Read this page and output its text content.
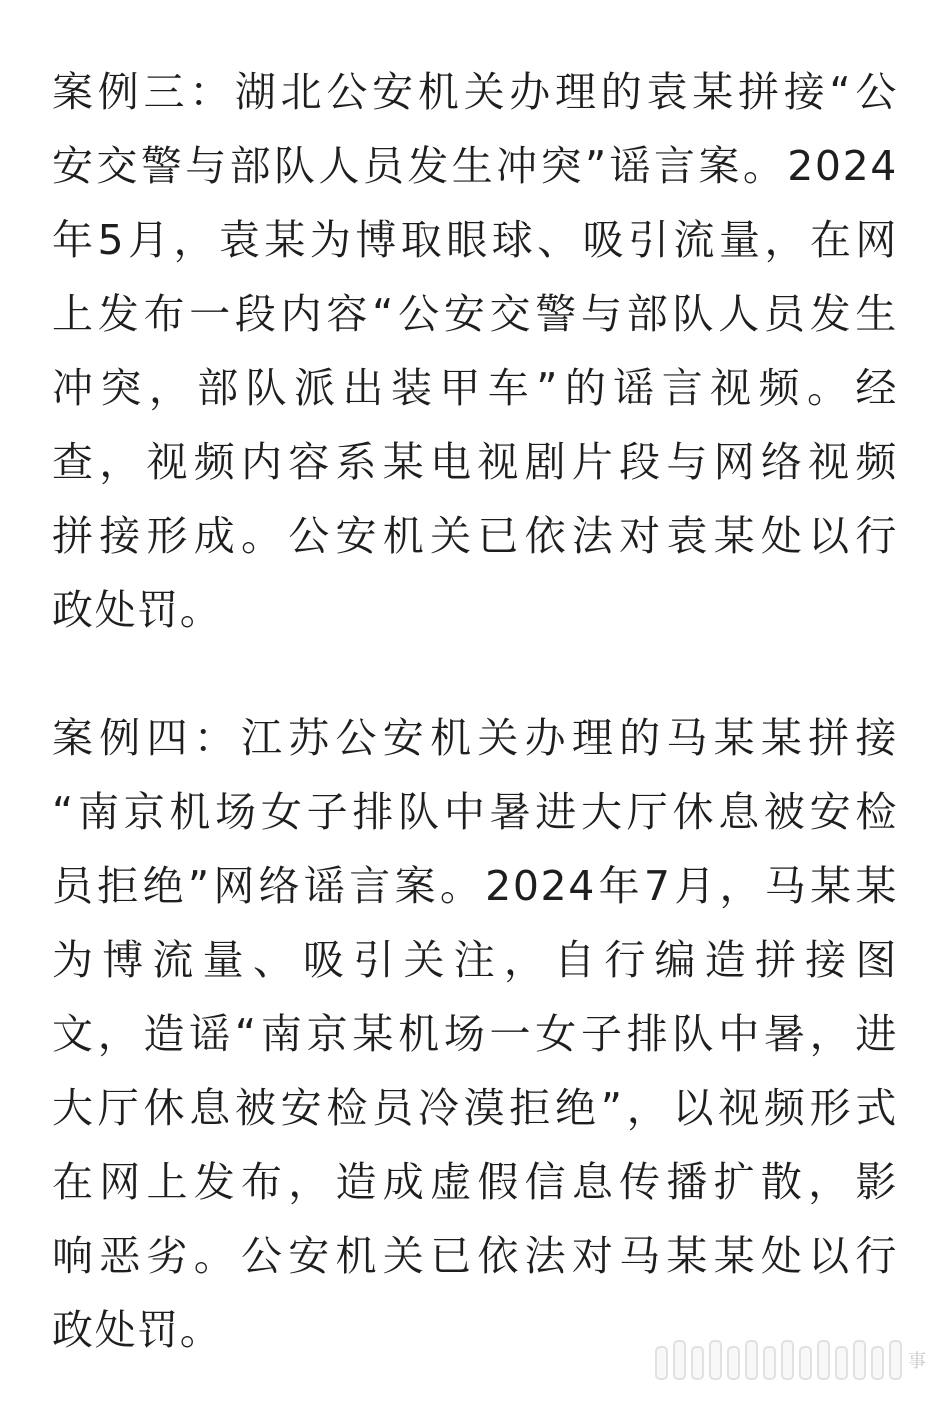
案例三：湖北公安机关办理的袁某拼接“公
安交警与部队人员发生冲突”谣言案。2024
年5月，袁某为博取眼球、吸引流量，在网
上发布一段内容“公安交警与部队人员发生
冲突，部队派出装甲车”的谣言视频。经
查，视频内容系某电视剧片段与网络视频
拼接形成。公安机关已依法对袁某处以行
政处罚。
案例四：江苏公安机关办理的马某某拼接
“南京机场女子排队中暑进大厅休息被安检
员拒绝”网络谣言案。2024年7月，马某某
为博流量、吸引关注，自行编造拼接图
文，造谣“南京某机场一女子排队中暑，进
大厅休息被安检员冷漠拒绝”，以视频形式
在网上发布，造成虚假信息传播扩散，影
响恶劣。公安机关已依法对马某某处以行
政处罚。
事
